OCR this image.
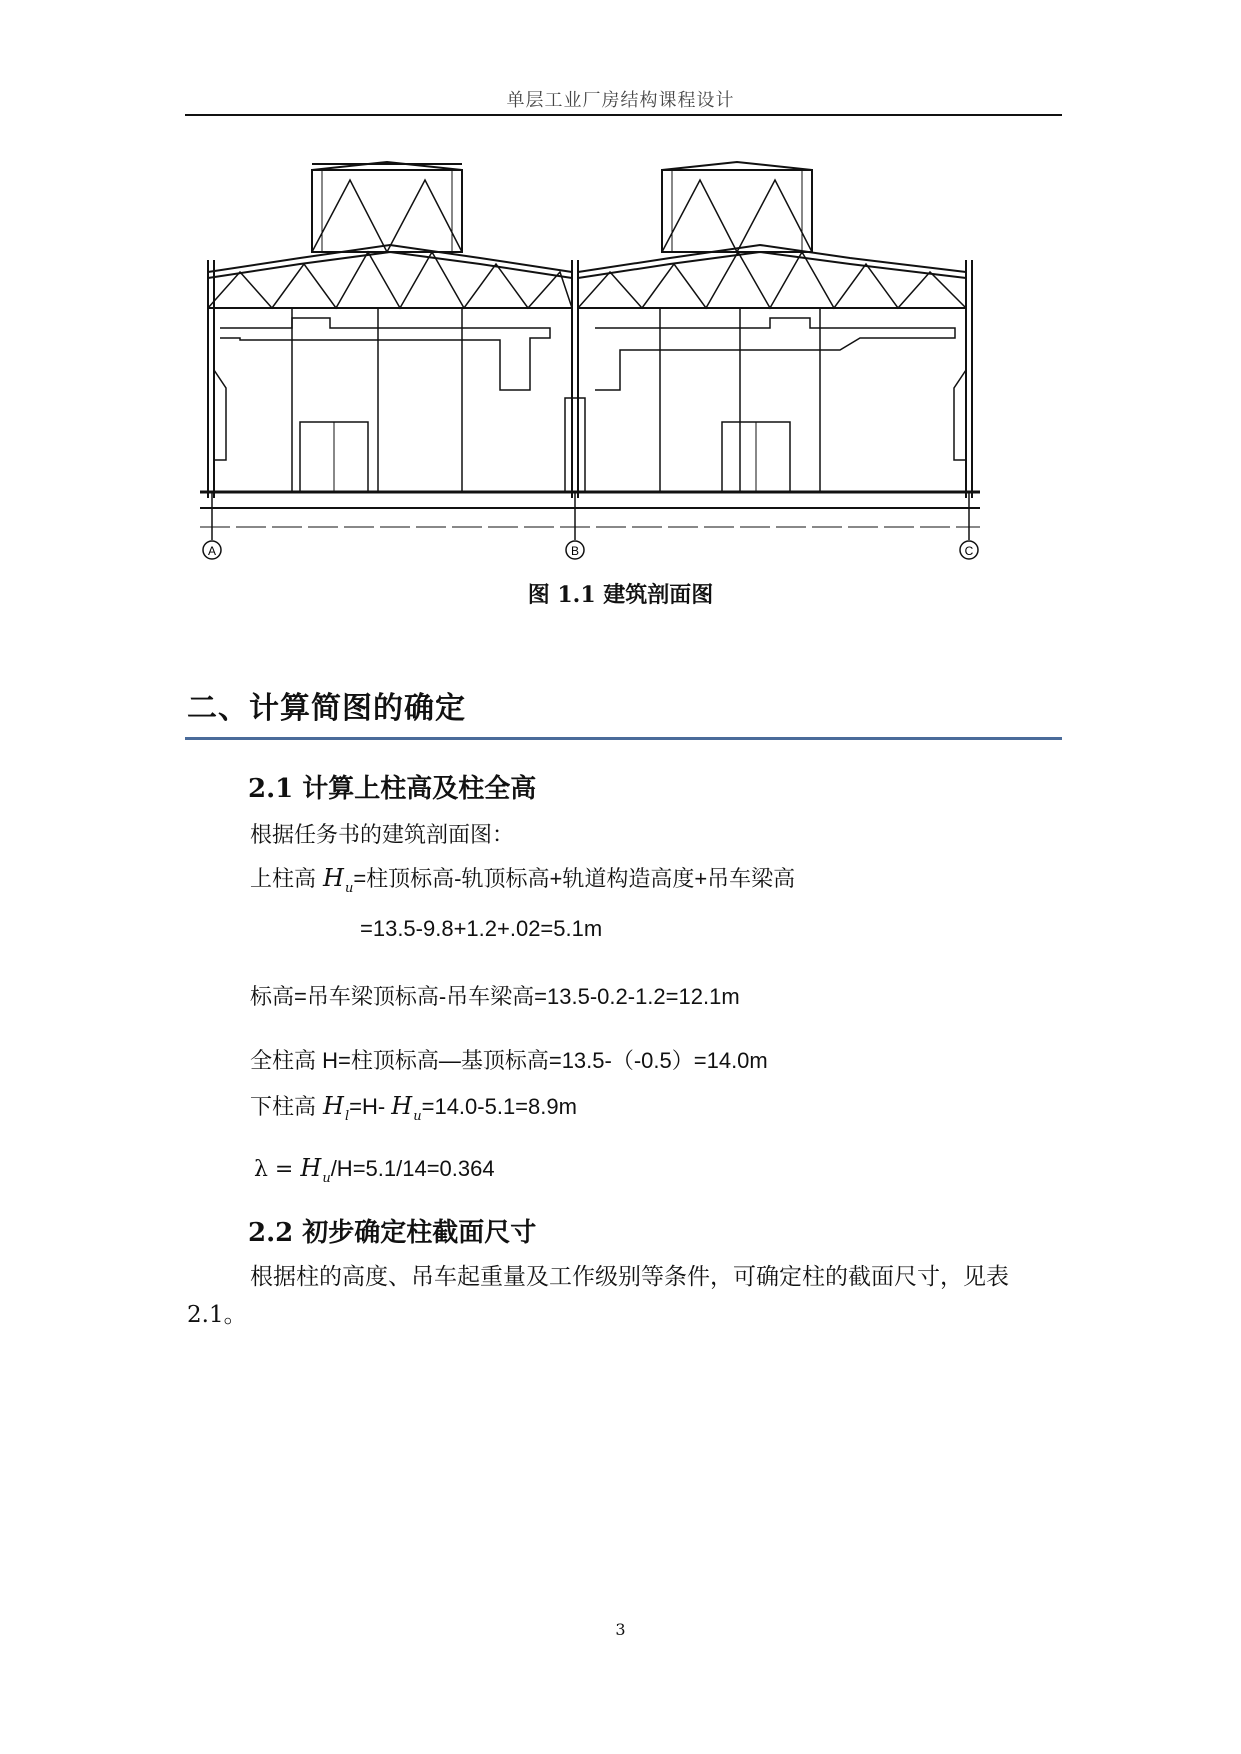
单层工业厂房结构课程设计
A	B	C
图 1.1 建筑剖面图
二、计算简图的确定
2.1 计算上柱高及柱全高
根据任务书的建筑剖面图：
上柱高 $H_u=$柱顶标高-轨顶标高+轨道构造高度+吊车梁高
=13.5-9.8+1.2+.02=5.1m
标高=吊车梁顶标高-吊车梁高=13.5-0.2-1.2=12.1m
全柱高 H=柱顶标高—基顶标高=13.5-（-0.5）=14.0m
下柱高 $H_l=H-$ $H_u=14.0-5.1=8.9m$
$\lambda = H_u/H=5.1/14=0.364$
2.2 初步确定柱截面尺寸
根据柱的高度、吊车起重量及工作级别等条件，可确定柱的截面尺寸，见表 2.1。
3
